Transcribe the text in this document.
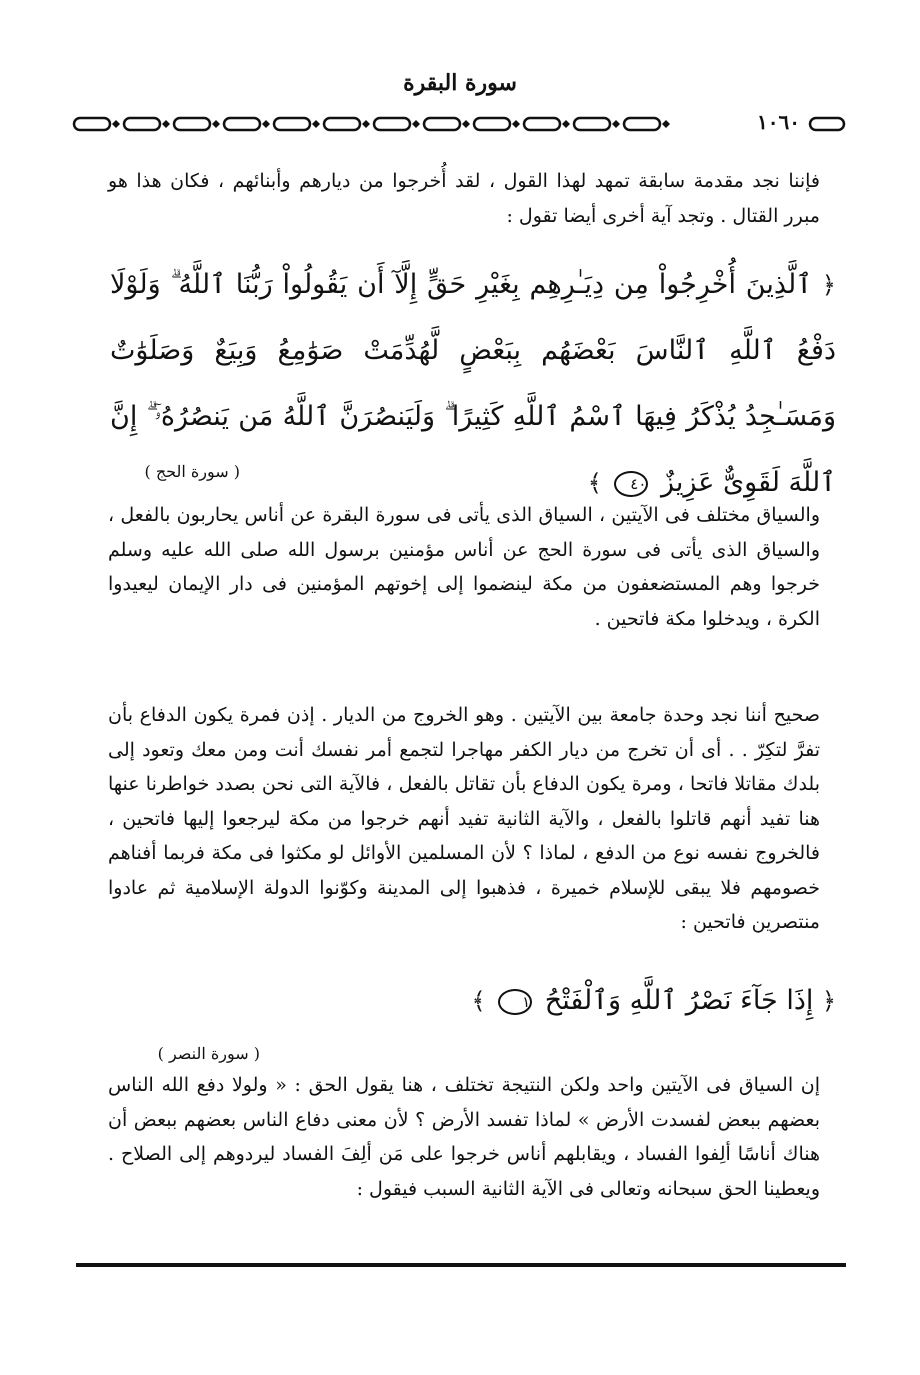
سورة البقرة
١٠٦٠

فإننا نجد مقدمة سابقة تمهد لهذا القول ، لقد أُخرجوا من ديارهم وأبنائهم ، فكان هذا هو مبرر القتال . وتجد آية أخرى أيضا تقول :

﴿ ٱلَّذِينَ أُخْرِجُواْ مِن دِيَـٰرِهِم بِغَيْرِ حَقٍّ إِلَّآ أَن يَقُولُواْ رَبُّنَا ٱللَّهُ ۗ وَلَوْلَا دَفْعُ ٱللَّهِ ٱلنَّاسَ بَعْضَهُم بِبَعْضٍ لَّهُدِّمَتْ صَوَٰمِعُ وَبِيَعٌ وَصَلَوَٰتٌ وَمَسَـٰجِدُ يُذْكَرُ فِيهَا ٱسْمُ ٱللَّهِ كَثِيرًا ۗ وَلَيَنصُرَنَّ ٱللَّهُ مَن يَنصُرُهُۥٓ ۗ إِنَّ ٱللَّهَ لَقَوِىٌّ عَزِيزٌ ٤٠ ﴾

( سورة الحج )

والسياق مختلف فى الآيتين ، السياق الذى يأتى فى سورة البقرة عن أناس يحاربون بالفعل ، والسياق الذى يأتى فى سورة الحج عن أناس مؤمنين برسول الله صلى الله عليه وسلم خرجوا وهم المستضعفون من مكة لينضموا إلى إخوتهم المؤمنين فى دار الإيمان ليعيدوا الكرة ، ويدخلوا مكة فاتحين .

صحيح أننا نجد وحدة جامعة بين الآيتين . وهو الخروج من الديار . إذن فمرة يكون الدفاع بأن تفرَّ لتكِرّ . . أى أن تخرج من ديار الكفر مهاجرا لتجمع أمر نفسك أنت ومن معك وتعود إلى بلدك مقاتلا فاتحا ، ومرة يكون الدفاع بأن تقاتل بالفعل ، فالآية التى نحن بصدد خواطرنا عنها هنا تفيد أنهم قاتلوا بالفعل ، والآية الثانية تفيد أنهم خرجوا من مكة ليرجعوا إليها فاتحين ، فالخروج نفسه نوع من الدفع ، لماذا ؟ لأن المسلمين الأوائل لو مكثوا فى مكة فربما أفناهم خصومهم فلا يبقى للإسلام خميرة ، فذهبوا إلى المدينة وكوّنوا الدولة الإسلامية ثم عادوا منتصرين فاتحين :

﴿ إِذَا جَآءَ نَصْرُ ٱللَّهِ وَٱلْفَتْحُ ١ ﴾

( سورة النصر )

إن السياق فى الآيتين واحد ولكن النتيجة تختلف ، هنا يقول الحق : « ولولا دفع الله الناس بعضهم ببعض لفسدت الأرض » لماذا تفسد الأرض ؟ لأن معنى دفاع الناس بعضهم ببعض أن هناك أناسًا ألِفوا الفساد ، ويقابلهم أناس خرجوا على مَن ألِفَ الفساد ليردوهم إلى الصلاح . ويعطينا الحق سبحانه وتعالى فى الآية الثانية السبب فيقول :
